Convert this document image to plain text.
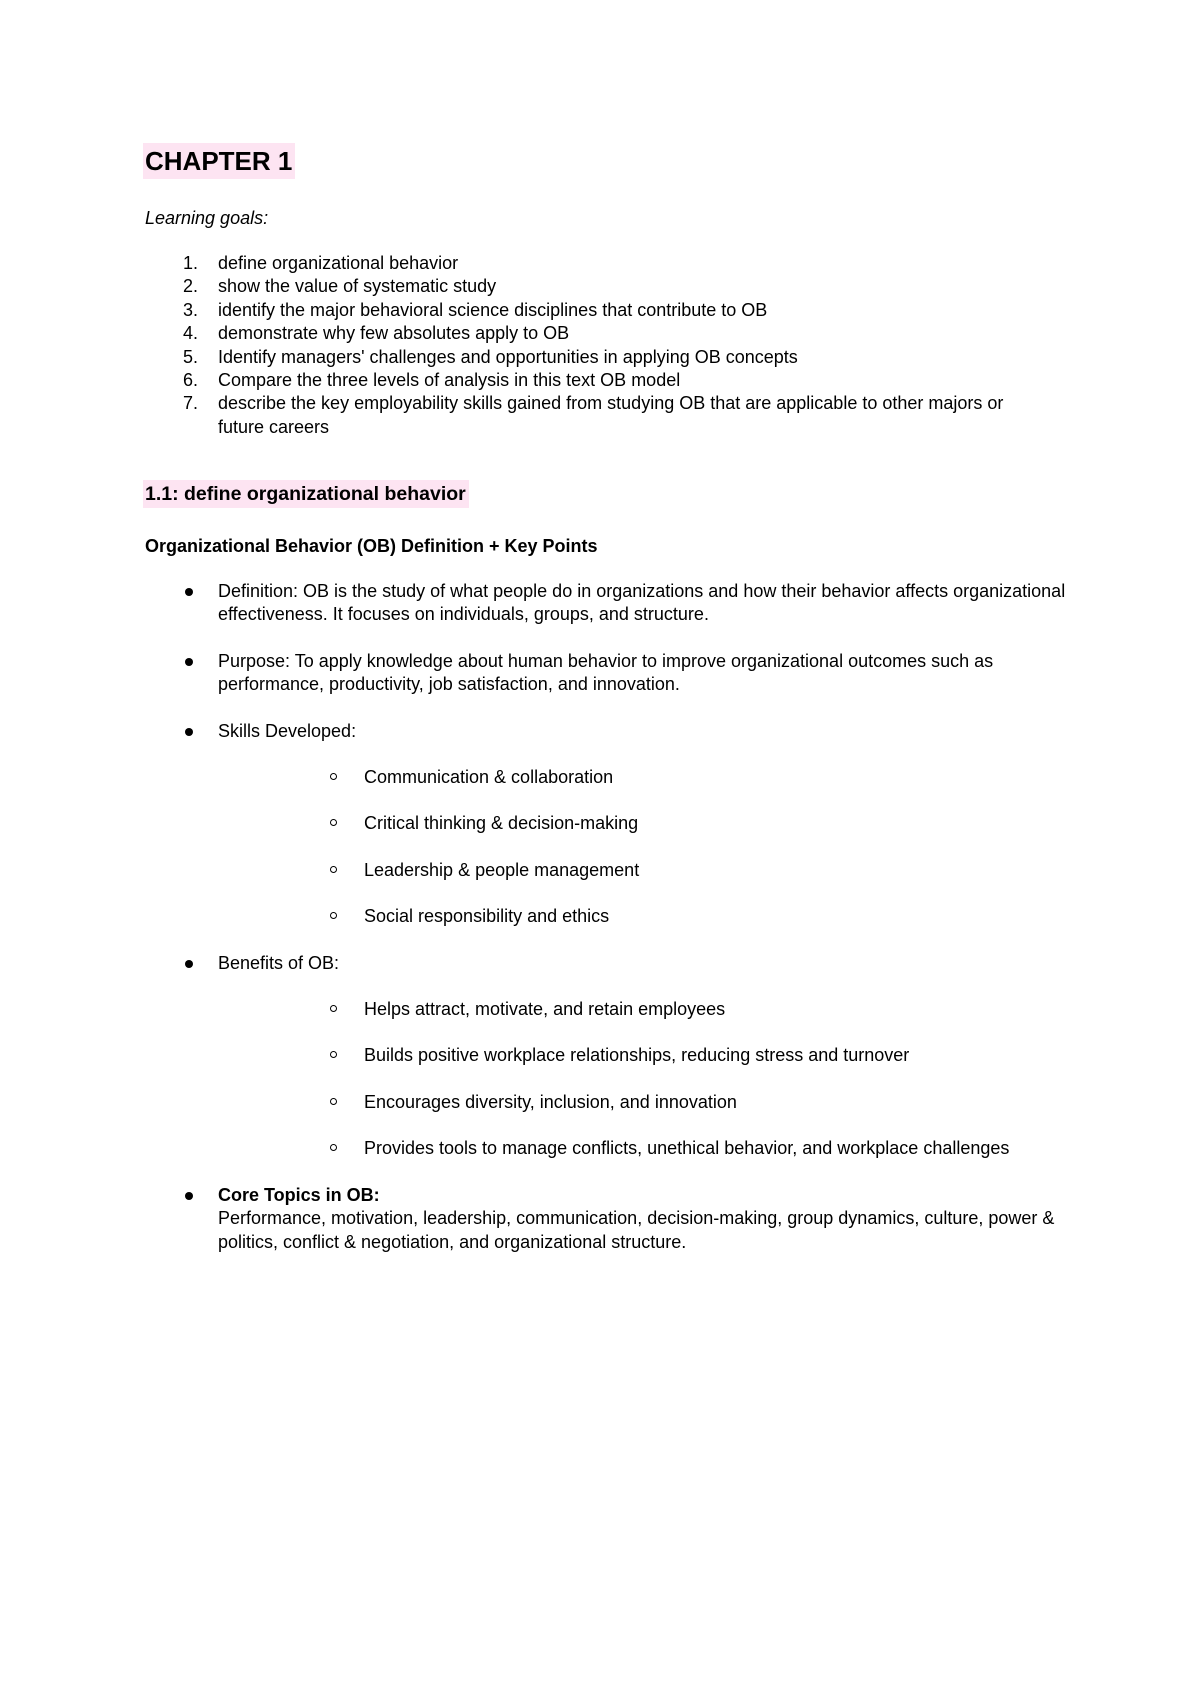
CHAPTER 1
Learning goals:
1. define organizational behavior
2. show the value of systematic study
3. identify the major behavioral science disciplines that contribute to OB
4. demonstrate why few absolutes apply to OB
5. Identify managers' challenges and opportunities in applying OB concepts
6. Compare the three levels of analysis in this text OB model
7. describe the key employability skills gained from studying OB that are applicable to other majors or future careers
1.1: define organizational behavior
Organizational Behavior (OB) Definition + Key Points
Definition: OB is the study of what people do in organizations and how their behavior affects organizational effectiveness. It focuses on individuals, groups, and structure.
Purpose: To apply knowledge about human behavior to improve organizational outcomes such as performance, productivity, job satisfaction, and innovation.
Skills Developed:
Communication & collaboration
Critical thinking & decision-making
Leadership & people management
Social responsibility and ethics
Benefits of OB:
Helps attract, motivate, and retain employees
Builds positive workplace relationships, reducing stress and turnover
Encourages diversity, inclusion, and innovation
Provides tools to manage conflicts, unethical behavior, and workplace challenges
Core Topics in OB:
Performance, motivation, leadership, communication, decision-making, group dynamics, culture, power & politics, conflict & negotiation, and organizational structure.
